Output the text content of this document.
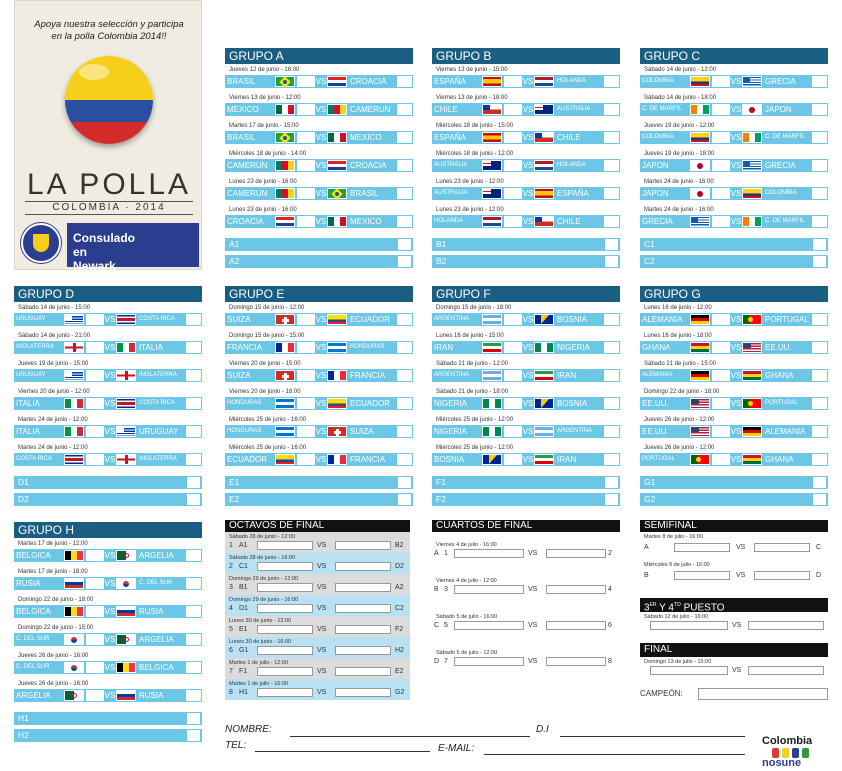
Apoya nuestra selección y participa
en la polla Colombia 2014!!
LA POLLA
COLOMBIA · 2014
Consulado en Newark
Ministerio de
GRUPO A
Jueves 12 de junio - 16:00
BRASIL	VS	CROACIA
Viernes 13 de junio - 12:00
MEXICO	VS	CAMERUN
Martes 17 de junio - 15:00
BRASIL	VS	MEXICO
Miércoles 18 de junio - 14:00
CAMERUN	VS	CROACIA
Lunes 23 de junio - 16:00
CAMERUN	VS	BRASIL
Lunes 23 de junio - 16:00
CROACIA	VS	MEXICO
A1
A2
GRUPO B
Viernes 13 de junio - 15:00
ESPAÑA	VS	HOLANDA
Viernes 13 de junio - 18:00
CHILE	VS	AUSTRALIA
Miércoles 18 de junio - 15:00
ESPAÑA	VS	CHILE
Miércoles 18 de junio - 12:00
AUSTRALIA	VS	HOLANDA
Lunes 23 de junio - 12:00
AUSTRALIA	VS	ESPAÑA
Lunes 23 de junio - 12:00
HOLANDA	VS	CHILE
B1
B2
GRUPO C
Sábado 14 de junio - 12:00
COLOMBIA	VS	GRECIA
Sábado 14 de junio - 18:00
C. DE MARFIL	VS	JAPON
Jueves 19 de junio - 12:00
COLOMBIA	VS	C. DE MARFIL
Jueves 19 de junio - 18:00
JAPON	VS	GRECIA
Martes 24 de junio - 16:00
JAPON	VS	COLOMBIA
Martes 24 de junio - 16:00
GRECIA	VS	C. DE MARFIL
C1
C2
GRUPO D
Sábado 14 de junio - 15:00
URUGUAY	VS	COSTA RICA
Sábado 14 de junio - 21:00
INGLATERRA	VS	ITALIA
Jueves 19 de junio - 15:00
URUGUAY	VS	INGLATERRA
Viernes 20 de junio - 12:00
ITALIA	VS	COSTA RICA
Martes 24 de junio - 12:00
ITALIA	VS	URUGUAY
Martes 24 de junio - 12:00
COSTA RICA	VS	INGLATERRA
D1
D2
GRUPO E
Domingo 15 de junio - 12:00
SUIZA	VS	ECUADOR
Domingo 15 de junio - 15:00
FRANCIA	VS	HONDURAS
Viernes 20 de junio - 15:00
SUIZA	VS	FRANCIA
Viernes 20 de junio - 18:00
HONDURAS	VS	ECUADOR
Miércoles 25 de junio - 16:00
HONDURAS	VS	SUIZA
Miércoles 25 de junio - 16:00
ECUADOR	VS	FRANCIA
E1
E2
GRUPO F
Domingo 15 de junio - 18:00
ARGENTINA	VS	BOSNIA
Lunes 16 de junio - 15:00
IRAN	VS	NIGERIA
Sábado 21 de junio - 12:00
ARGENTINA	VS	IRAN
Sábado 21 de junio - 18:00
NIGERIA	VS	BOSNIA
Miércoles 25 de junio - 12:00
NIGERIA	VS	ARGENTINA
Miércoles 25 de junio - 12:00
BOSNIA	VS	IRAN
F1
F2
GRUPO G
Lunes 16 de junio - 12:00
ALEMANIA	VS	PORTUGAL
Lunes 16 de junio - 18:00
GHANA	VS	EE.UU.
Sábado 21 de junio - 15:00
ALEMANIA	VS	GHANA
Domingo 22 de junio - 18:00
EE.UU.	VS	PORTUGAL
Jueves 26 de junio - 12:00
EE.UU.	VS	ALEMANIA
Jueves 26 de junio - 12:00
PORTUGAL	VS	GHANA
G1
G2
GRUPO H
Martes 17 de junio - 12:00
BELGICA	VS	ARGELIA
Martes 17 de junio - 18:00
RUSIA	VS	C. DEL SUR
Domingo 22 de junio - 18:00
BELGICA	VS	RUSIA
Domingo 22 de junio - 15:00
C. DEL SUR	VS	ARGELIA
Jueves 26 de junio - 16:00
C. DEL SUR	VS	BELGICA
Jueves 26 de junio - 16:00
ARGELIA	VS	RUSIA
H1
H2
OCTAVOS DE FINAL
Sábado 28 de junio - 12:00
1 A1	VS	B2
Sábado 28 de junio - 16:00
2 C1	VS	D2
Domingo 29 de junio - 12:00
3 B1	VS	A2
Domingo 29 de junio - 16:00
4 D1	VS	C2
Lunes 30 de junio - 12:00
5 E1	VS	F2
Lunes 30 de junio - 16:00
6 G1	VS	H2
Martes 1 de julio - 12:00
7 F1	VS	E2
Martes 1 de julio - 16:00
8 H1	VS	G2
CUARTOS DE FINAL
Viernes 4 de julio - 16:00
A 1	VS	2
Viernes 4 de julio - 12:00
B 3	VS	4
Sábado 5 de julio - 16:00
C 5	VS	6
Sábado 5 de julio - 12:00
D 7	VS	8
SEMIFINAL
Martes 8 de julio - 16:00
A	VS	C
Miércoles 9 de julio - 16:00
B	VS	D
3ER Y $4^{TO}$ PUESTO
Sábado 12 de julio - 16:00
VS
FINAL
Domingo 13 de julio - 15:00
VS
CAMPEÓN:
NOMBRE:	D.I
TEL:	E-MAIL:
Colombia
nosune
